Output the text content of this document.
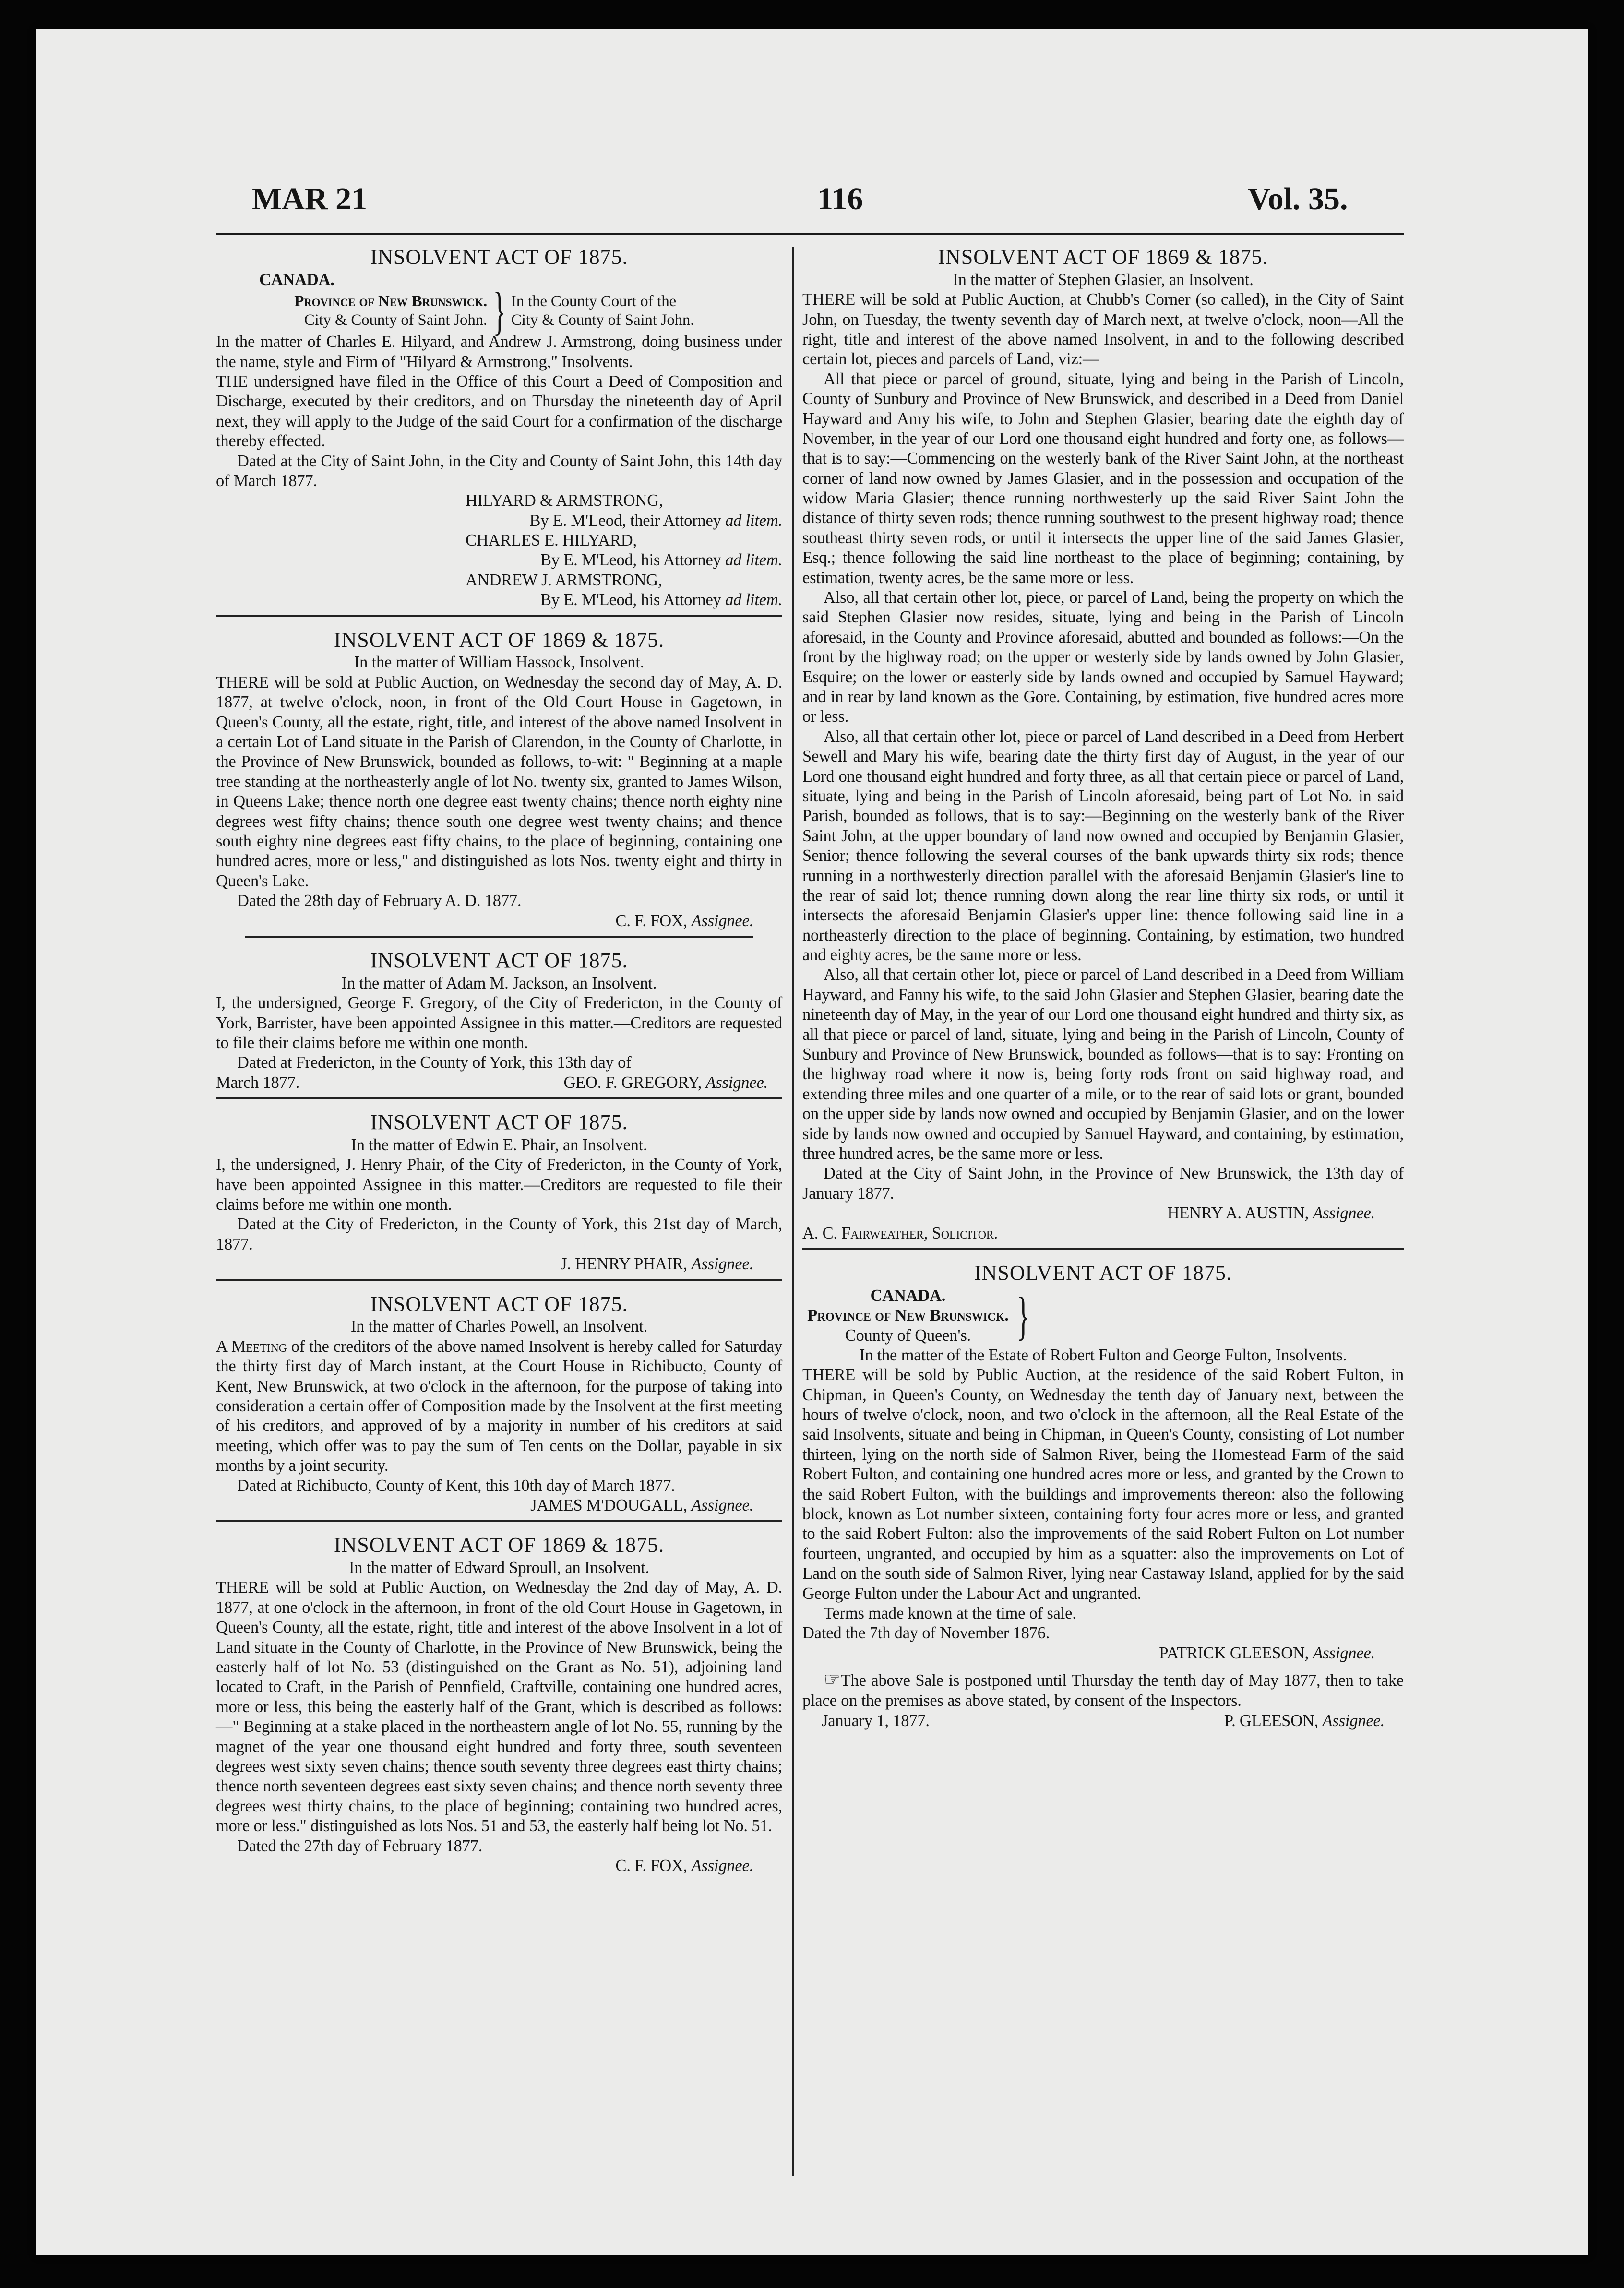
MAR 21	116	Vol. 35.

INSOLVENT ACT OF 1875.

CANADA.

Province of New Brunswick.
City & County of Saint John. } In the County Court of the
City & County of Saint John.

In the matter of Charles E. Hilyard, and Andrew J. Armstrong, doing business under the name, style and Firm of "Hilyard & Armstrong," Insolvents.

THE undersigned have filed in the Office of this Court a Deed of Composition and Discharge, executed by their creditors, and on Thursday the nineteenth day of April next, they will apply to the Judge of the said Court for a confirmation of the discharge thereby effected.

Dated at the City of Saint John, in the City and County of Saint John, this 14th day of March 1877.

HILYARD & ARMSTRONG,

By E. M'Leod, their Attorney ad litem.

CHARLES E. HILYARD,

By E. M'Leod, his Attorney ad litem.

ANDREW J. ARMSTRONG,

By E. M'Leod, his Attorney ad litem.

INSOLVENT ACT OF 1869 & 1875.

In the matter of William Hassock, Insolvent.

THERE will be sold at Public Auction, on Wednesday the second day of May, A. D. 1877, at twelve o'clock, noon, in front of the Old Court House in Gagetown, in Queen's County, all the estate, right, title, and interest of the above named Insolvent in a certain Lot of Land situate in the Parish of Clarendon, in the County of Charlotte, in the Province of New Brunswick, bounded as follows, to-wit: " Beginning at a maple tree standing at the northeasterly angle of lot No. twenty six, granted to James Wilson, in Queens Lake; thence north one degree east twenty chains; thence north eighty nine degrees west fifty chains; thence south one degree west twenty chains; and thence south eighty nine degrees east fifty chains, to the place of beginning, containing one hundred acres, more or less," and distinguished as lots Nos. twenty eight and thirty in Queen's Lake.

Dated the 28th day of February A. D. 1877.

C. F. FOX, Assignee.

INSOLVENT ACT OF 1875.

In the matter of Adam M. Jackson, an Insolvent.

I, the undersigned, George F. Gregory, of the City of Fredericton, in the County of York, Barrister, have been appointed Assignee in this matter.—Creditors are requested to file their claims before me within one month.

Dated at Fredericton, in the County of York, this 13th day of

March 1877.	GEO. F. GREGORY, Assignee.

INSOLVENT ACT OF 1875.

In the matter of Edwin E. Phair, an Insolvent.

I, the undersigned, J. Henry Phair, of the City of Fredericton, in the County of York, have been appointed Assignee in this matter.—Creditors are requested to file their claims before me within one month.

Dated at the City of Fredericton, in the County of York, this 21st day of March, 1877.

J. HENRY PHAIR, Assignee.

INSOLVENT ACT OF 1875.

In the matter of Charles Powell, an Insolvent.

A Meeting of the creditors of the above named Insolvent is hereby called for Saturday the thirty first day of March instant, at the Court House in Richibucto, County of Kent, New Brunswick, at two o'clock in the afternoon, for the purpose of taking into consideration a certain offer of Composition made by the Insolvent at the first meeting of his creditors, and approved of by a majority in number of his creditors at said meeting, which offer was to pay the sum of Ten cents on the Dollar, payable in six months by a joint security.

Dated at Richibucto, County of Kent, this 10th day of March 1877.

JAMES M'DOUGALL, Assignee.

INSOLVENT ACT OF 1869 & 1875.

In the matter of Edward Sproull, an Insolvent.

THERE will be sold at Public Auction, on Wednesday the 2nd day of May, A. D. 1877, at one o'clock in the afternoon, in front of the old Court House in Gagetown, in Queen's County, all the estate, right, title and interest of the above Insolvent in a lot of Land situate in the County of Charlotte, in the Province of New Brunswick, being the easterly half of lot No. 53 (distinguished on the Grant as No. 51), adjoining land located to Craft, in the Parish of Pennfield, Craftville, containing one hundred acres, more or less, this being the easterly half of the Grant, which is described as follows:—" Beginning at a stake placed in the northeastern angle of lot No. 55, running by the magnet of the year one thousand eight hundred and forty three, south seventeen degrees west sixty seven chains; thence south seventy three degrees east thirty chains; thence north seventeen degrees east sixty seven chains; and thence north seventy three degrees west thirty chains, to the place of beginning; containing two hundred acres, more or less." distinguished as lots Nos. 51 and 53, the easterly half being lot No. 51.

Dated the 27th day of February 1877.

C. F. FOX, Assignee.

INSOLVENT ACT OF 1869 & 1875.

In the matter of Stephen Glasier, an Insolvent.

THERE will be sold at Public Auction, at Chubb's Corner (so called), in the City of Saint John, on Tuesday, the twenty seventh day of March next, at twelve o'clock, noon—All the right, title and interest of the above named Insolvent, in and to the following described certain lot, pieces and parcels of Land, viz:—

All that piece or parcel of ground, situate, lying and being in the Parish of Lincoln, County of Sunbury and Province of New Brunswick, and described in a Deed from Daniel Hayward and Amy his wife, to John and Stephen Glasier, bearing date the eighth day of November, in the year of our Lord one thousand eight hundred and forty one, as follows—that is to say:—Commencing on the westerly bank of the River Saint John, at the northeast corner of land now owned by James Glasier, and in the possession and occupation of the widow Maria Glasier; thence running northwesterly up the said River Saint John the distance of thirty seven rods; thence running southwest to the present highway road; thence southeast thirty seven rods, or until it intersects the upper line of the said James Glasier, Esq.; thence following the said line northeast to the place of beginning; containing, by estimation, twenty acres, be the same more or less.

Also, all that certain other lot, piece, or parcel of Land, being the property on which the said Stephen Glasier now resides, situate, lying and being in the Parish of Lincoln aforesaid, in the County and Province aforesaid, abutted and bounded as follows:—On the front by the highway road; on the upper or westerly side by lands owned by John Glasier, Esquire; on the lower or easterly side by lands owned and occupied by Samuel Hayward; and in rear by land known as the Gore. Containing, by estimation, five hundred acres more or less.

Also, all that certain other lot, piece or parcel of Land described in a Deed from Herbert Sewell and Mary his wife, bearing date the thirty first day of August, in the year of our Lord one thousand eight hundred and forty three, as all that certain piece or parcel of Land, situate, lying and being in the Parish of Lincoln aforesaid, being part of Lot No. in said Parish, bounded as follows, that is to say:—Beginning on the westerly bank of the River Saint John, at the upper boundary of land now owned and occupied by Benjamin Glasier, Senior; thence following the several courses of the bank upwards thirty six rods; thence running in a northwesterly direction parallel with the aforesaid Benjamin Glasier's line to the rear of said lot; thence running down along the rear line thirty six rods, or until it intersects the aforesaid Benjamin Glasier's upper line: thence following said line in a northeasterly direction to the place of beginning. Containing, by estimation, two hundred and eighty acres, be the same more or less.

Also, all that certain other lot, piece or parcel of Land described in a Deed from William Hayward, and Fanny his wife, to the said John Glasier and Stephen Glasier, bearing date the nineteenth day of May, in the year of our Lord one thousand eight hundred and thirty six, as all that piece or parcel of land, situate, lying and being in the Parish of Lincoln, County of Sunbury and Province of New Brunswick, bounded as follows—that is to say: Fronting on the highway road where it now is, being forty rods front on said highway road, and extending three miles and one quarter of a mile, or to the rear of said lots or grant, bounded on the upper side by lands now owned and occupied by Benjamin Glasier, and on the lower side by lands now owned and occupied by Samuel Hayward, and containing, by estimation, three hundred acres, be the same more or less.

Dated at the City of Saint John, in the Province of New Brunswick, the 13th day of January 1877.

HENRY A. AUSTIN, Assignee.

A. C. Fairweather, Solicitor.

INSOLVENT ACT OF 1875.

CANADA.
Province of New Brunswick.
County of Queen's. }

In the matter of the Estate of Robert Fulton and George Fulton, Insolvents.

THERE will be sold by Public Auction, at the residence of the said Robert Fulton, in Chipman, in Queen's County, on Wednesday the tenth day of January next, between the hours of twelve o'clock, noon, and two o'clock in the afternoon, all the Real Estate of the said Insolvents, situate and being in Chipman, in Queen's County, consisting of Lot number thirteen, lying on the north side of Salmon River, being the Homestead Farm of the said Robert Fulton, and containing one hundred acres more or less, and granted by the Crown to the said Robert Fulton, with the buildings and improvements thereon: also the following block, known as Lot number sixteen, containing forty four acres more or less, and granted to the said Robert Fulton: also the improvements of the said Robert Fulton on Lot number fourteen, ungranted, and occupied by him as a squatter: also the improvements on Lot of Land on the south side of Salmon River, lying near Castaway Island, applied for by the said George Fulton under the Labour Act and ungranted.

Terms made known at the time of sale.

Dated the 7th day of November 1876.

PATRICK GLEESON, Assignee.

☞The above Sale is postponed until Thursday the tenth day of May 1877, then to take place on the premises as above stated, by consent of the Inspectors.

January 1, 1877.	P. GLEESON, Assignee.
